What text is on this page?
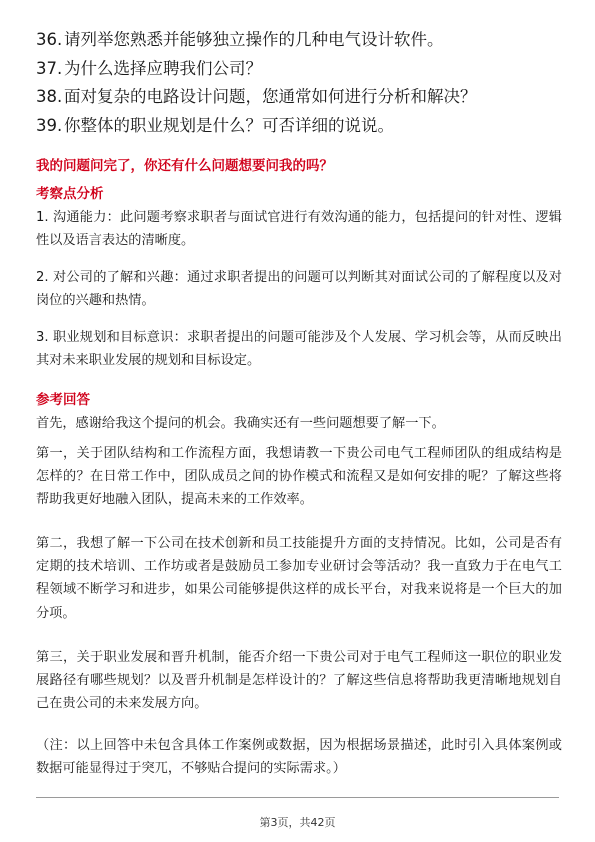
36. 请列举您熟悉并能够独立操作的几种电气设计软件。
37. 为什么选择应聘我们公司？
38. 面对复杂的电路设计问题，您通常如何进行分析和解决？
39. 你整体的职业规划是什么？可否详细的说说。
我的问题问完了，你还有什么问题想要问我的吗？
考察点分析
1. 沟通能力：此问题考察求职者与面试官进行有效沟通的能力，包括提问的针对性、逻辑性以及语言表达的清晰度。
2. 对公司的了解和兴趣：通过求职者提出的问题可以判断其对面试公司的了解程度以及对岗位的兴趣和热情。
3. 职业规划和目标意识：求职者提出的问题可能涉及个人发展、学习机会等，从而反映出其对未来职业发展的规划和目标设定。
参考回答
首先，感谢给我这个提问的机会。我确实还有一些问题想要了解一下。
第一，关于团队结构和工作流程方面，我想请教一下贵公司电气工程师团队的组成结构是怎样的？在日常工作中，团队成员之间的协作模式和流程又是如何安排的呢？了解这些将帮助我更好地融入团队，提高未来的工作效率。
第二，我想了解一下公司在技术创新和员工技能提升方面的支持情况。比如，公司是否有定期的技术培训、工作坊或者是鼓励员工参加专业研讨会等活动？我一直致力于在电气工程领域不断学习和进步，如果公司能够提供这样的成长平台，对我来说将是一个巨大的加分项。
第三，关于职业发展和晋升机制，能否介绍一下贵公司对于电气工程师这一职位的职业发展路径有哪些规划？以及晋升机制是怎样设计的？了解这些信息将帮助我更清晰地规划自己在贵公司的未来发展方向。
（注：以上回答中未包含具体工作案例或数据，因为根据场景描述，此时引入具体案例或数据可能显得过于突兀，不够贴合提问的实际需求。）
第3页，共42页
